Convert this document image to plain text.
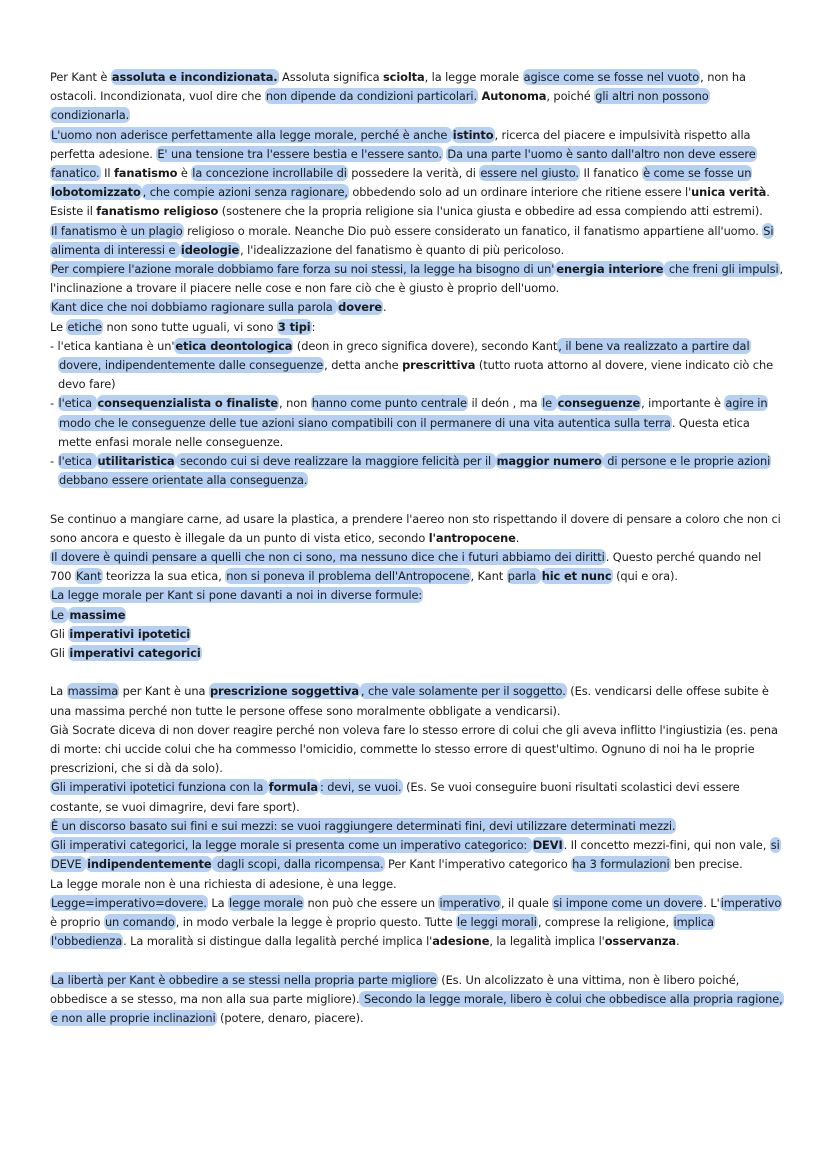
Per Kant è assoluta e incondizionata. Assoluta significa sciolta, la legge morale agisce come se fosse nel vuoto, non ha ostacoli. Incondizionata, vuol dire che non dipende da condizioni particolari. Autonoma, poiché gli altri non possono condizionarla.
L'uomo non aderisce perfettamente alla legge morale, perché è anche istinto, ricerca del piacere e impulsività rispetto alla perfetta adesione. E' una tensione tra l'essere bestia e l'essere santo. Da una parte l'uomo è santo dall'altro non deve essere fanatico. Il fanatismo è la concezione incrollabile di possedere la verità, di essere nel giusto. Il fanatico è come se fosse un lobotomizzato , che compie azioni senza ragionare, obbedendo solo ad un ordinare interiore che ritiene essere l'unica verità. Esiste il fanatismo religioso (sostenere che la propria religione sia l'unica giusta e obbedire ad essa compiendo atti estremi).
Il fanatismo è un plagio religioso o morale. Neanche Dio può essere considerato un fanatico, il fanatismo appartiene all'uomo. Si alimenta di interessi e ideologie, l'idealizzazione del fanatismo è quanto di più pericoloso.
Per compiere l'azione morale dobbiamo fare forza su noi stessi, la legge ha bisogno di un' energia interiore che freni gli impulsi, l'inclinazione a trovare il piacere nelle cose e non fare ciò che è giusto è proprio dell'uomo.
Kant dice che noi dobbiamo ragionare sulla parola dovere.
Le etiche non sono tutte uguali, vi sono 3 tipi:
- l'etica kantiana è un'etica deontologica (deon in greco significa dovere), secondo Kant, il bene va realizzato a partire dal dovere, indipendentemente dalle conseguenze, detta anche prescrittiva (tutto ruota attorno al dovere, viene indicato ciò che devo fare)
- l'etica consequenzialista o finaliste, non hanno come punto centrale il deón , ma le conseguenze, importante è agire in modo che le conseguenze delle tue azioni siano compatibili con il permanere di una vita autentica sulla terra. Questa etica mette enfasi morale nelle conseguenze.
- l'etica utilitaristica secondo cui si deve realizzare la maggiore felicità per il maggior numero di persone e le proprie azioni debbano essere orientate alla conseguenza.
Se continuo a mangiare carne, ad usare la plastica, a prendere l'aereo non sto rispettando il dovere di pensare a coloro che non ci sono ancora e questo è illegale da un punto di vista etico, secondo l'antropocene.
Il dovere è quindi pensare a quelli che non ci sono, ma nessuno dice che i futuri abbiamo dei diritti. Questo perché quando nel 700 Kant teorizza la sua etica, non si poneva il problema dell'Antropocene, Kant parla hic et nunc (qui e ora).
La legge morale per Kant si pone davanti a noi in diverse formule:
Le massime
Gli imperativi ipotetici
Gli imperativi categorici
La massima per Kant è una prescrizione soggettiva , che vale solamente per il soggetto. (Es. vendicarsi delle offese subite è una massima perché non tutte le persone offese sono moralmente obbligate a vendicarsi).
Già Socrate diceva di non dover reagire perché non voleva fare lo stesso errore di colui che gli aveva inflitto l'ingiustizia (es. pena di morte: chi uccide colui che ha commesso l'omicidio, commette lo stesso errore di quest'ultimo. Ognuno di noi ha le proprie prescrizioni, che si dà da solo).
Gli imperativi ipotetici funziona con la formula : devi, se vuoi. (Es. Se vuoi conseguire buoni risultati scolastici devi essere costante, se vuoi dimagrire, devi fare sport).
È un discorso basato sui fini e sui mezzi: se vuoi raggiungere determinati fini, devi utilizzare determinati mezzi.
Gli imperativi categorici, la legge morale si presenta come un imperativo categorico: DEVI. Il concetto mezzi-fini, qui non vale, si DEVE indipendentemente dagli scopi, dalla ricompensa. Per Kant l'imperativo categorico ha 3 formulazioni ben precise.
La legge morale non è una richiesta di adesione, è una legge.
Legge=imperativo=dovere. La legge morale non può che essere un imperativo, il quale si impone come un dovere. L'imperativo è proprio un comando, in modo verbale la legge è proprio questo. Tutte le leggi morali, comprese la religione, implica l'obbedienza. La moralità si distingue dalla legalità perché implica l'adesione, la legalità implica l'osservanza.
La libertà per Kant è obbedire a se stessi nella propria parte migliore (Es. Un alcolizzato è una vittima, non è libero poiché, obbedisce a se stesso, ma non alla sua parte migliore). Secondo la legge morale, libero è colui che obbedisce alla propria ragione, e non alle proprie inclinazioni (potere, denaro, piacere).
